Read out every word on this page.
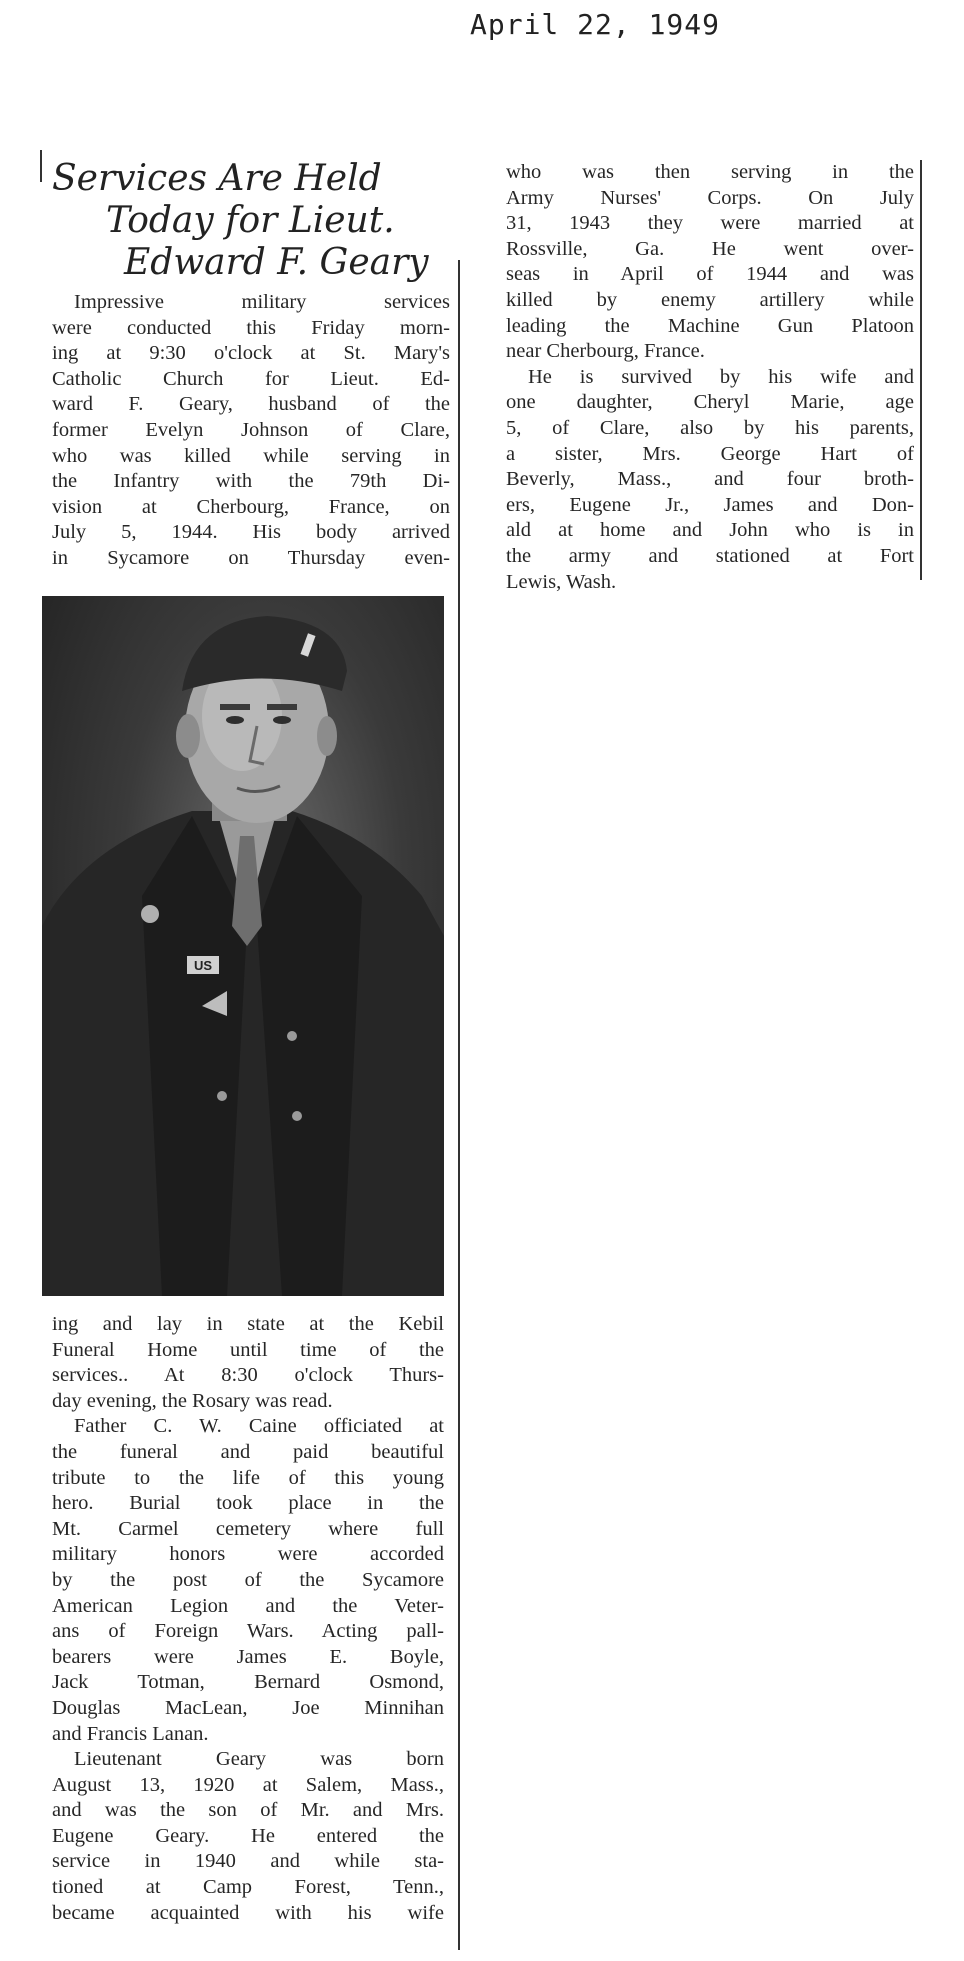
April 22, 1949
Services Are Held
Today for Lieut.
Edward F. Geary
Impressive military services
were conducted this Friday morn-
ing at 9:30 o'clock at St. Mary's
Catholic Church for Lieut. Ed-
ward F. Geary, husband of the
former Evelyn Johnson of Clare,
who was killed while serving in
the Infantry with the 79th Di-
vision at Cherbourg, France, on
July 5, 1944. His body arrived
in Sycamore on Thursday even-
US
ing and lay in state at the Kebil
Funeral Home until time of the
services.. At 8:30 o'clock Thurs-
day evening, the Rosary was read.
Father C. W. Caine officiated at
the funeral and paid beautiful
tribute to the life of this young
hero. Burial took place in the
Mt. Carmel cemetery where full
military honors were accorded
by the post of the Sycamore
American Legion and the Veter-
ans of Foreign Wars. Acting pall-
bearers were James E. Boyle,
Jack Totman, Bernard Osmond,
Douglas MacLean, Joe Minnihan
and Francis Lanan.
Lieutenant Geary was born
August 13, 1920 at Salem, Mass.,
and was the son of Mr. and Mrs.
Eugene Geary. He entered the
service in 1940 and while sta-
tioned at Camp Forest, Tenn.,
became acquainted with his wife
who was then serving in the
Army Nurses' Corps. On July
31, 1943 they were married at
Rossville, Ga. He went over-
seas in April of 1944 and was
killed by enemy artillery while
leading the Machine Gun Platoon
near Cherbourg, France.
He is survived by his wife and
one daughter, Cheryl Marie, age
5, of Clare, also by his parents,
a sister, Mrs. George Hart of
Beverly, Mass., and four broth-
ers, Eugene Jr., James and Don-
ald at home and John who is in
the army and stationed at Fort
Lewis, Wash.
